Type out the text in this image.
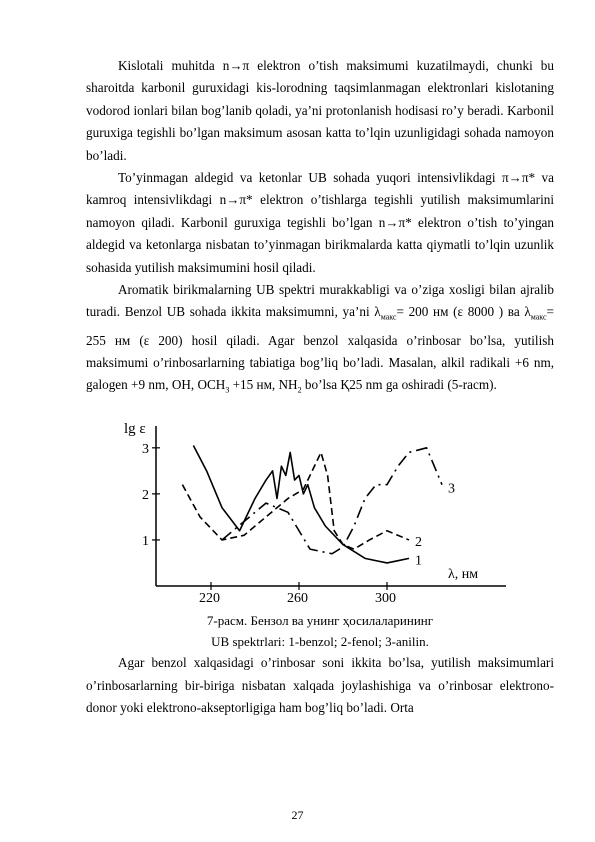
Kislotali muhitda n→π elektron o’tish maksimumi kuzatilmaydi, chunki bu sharoitda karbonil guruxidagi kis-lorodning taqsimlanmagan elektronlari kislotaning vodorod ionlari bilan bog’lanib qoladi, ya’ni protonlanish hodisasi ro’y beradi. Karbonil guruxiga tegishli bo’lgan maksimum asosan katta to’lqin uzunligidagi sohada namoyon bo’ladi.

To’yinmagan aldegid va ketonlar UB sohada yuqori intensivlikdagi π→π* va kamroq intensivlikdagi n→π* elektron o’tishlarga tegishli yutilish maksimumlarini namoyon qiladi. Karbonil guruxiga tegishli bo’lgan n→π* elektron o’tish to’yingan aldegid va ketonlarga nisbatan to’yinmagan birikmalarda katta qiymatli to’lqin uzunlik sohasida yutilish maksimumini hosil qiladi.

Aromatik birikmalarning UB spektri murakkabligi va o’ziga xosligi bilan ajralib turadi. Benzol UB sohada ikkita maksimumni, ya’ni $\lambda_{макс}= 200$ нм (ε 8000 ) ва $\lambda_{макс}= 255$ нм (ε 200) hosil qiladi. Agar benzol xalqasida o’rinbosar bo’lsa, yutilish maksimumi o’rinbosarlarning tabiatiga bog’liq bo’ladi. Masalan, alkil radikali +6 nm, galogen +9 nm, OH, $OCH_3 +15$ нм, $NH_2$ bo’lsa Қ25 nm ga oshiradi (5-racm).

lg ε
λ, нм
1
2
3
220	260	300
1
2
3
7-расм. Бензол ва унинг ҳосилаларининг
UB spektrlari: 1-benzol; 2-fenol; 3-anilin.

Agar benzol xalqasidagi o’rinbosar soni ikkita bo’lsa, yutilish maksimumlari o’rinbosarlarning bir-biriga nisbatan xalqada joylashishiga va o’rinbosar elektrono-donor yoki elektrono-akseptorligiga ham bog’liq bo’ladi. Orta

27
